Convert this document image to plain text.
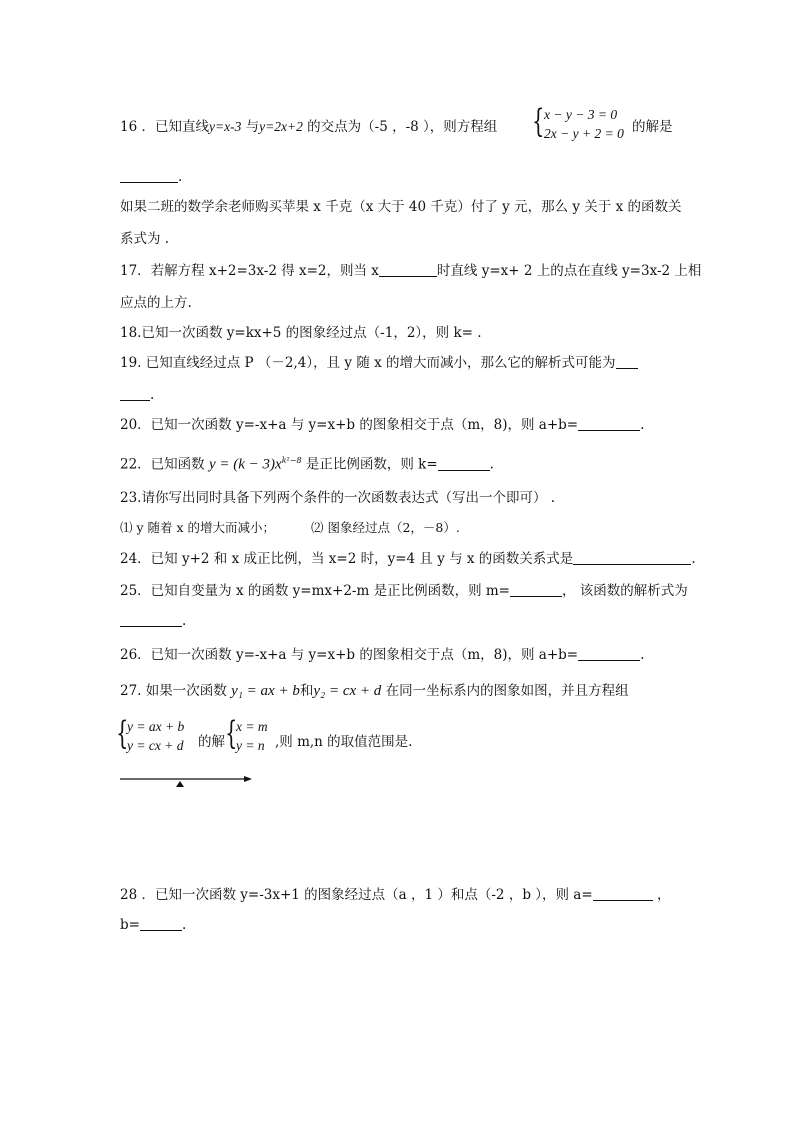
16 ．已知直线y=x-3 与y=2x+2 的交点为（-5 ，-8 ），则方程组 { x − y − 3 = 0
2x − y + 2 = 0 的解是
.
如果二班的数学余老师购买苹果 x 千克（x 大于 40 千克）付了 y 元，那么 y 关于 x 的函数关
系式为 .
17．若解方程 x+2=3x-2 得 x=2，则当 x	时直线 y=x+ 2 上的点在直线 y=3x-2 上相
应点的上方.
18.已知一次函数 y=kx+5 的图象经过点（-1，2），则 k= .
19. 已知直线经过点 P （－2,4），且 y 随 x 的增大而减小，那么它的解析式可能为
.
20．已知一次函数 y=-x+a 与 y=x+b 的图象相交于点（m，8)，则 a+b=	.
22．已知函数 $y = (k - 3)x^{k^2-8}$ 是正比例函数，则 k=	.
23.请你写出同时具备下列两个条件的一次函数表达式（写出一个即可） .
⑴ y 随着 x 的增大而减小；	⑵ 图象经过点（2，－8）.
24．已知 y+2 和 x 成正比例，当 x=2 时，y=4 且 y 与 x 的函数关系式是	.
25．已知自变量为 x 的函数 y=mx+2-m 是正比例函数，则 m=	， 该函数的解析式为
.
26．已知一次函数 y=-x+a 与 y=x+b 的图象相交于点（m，8)，则 a+b=	.
27. 如果一次函数 y₁ = ax + b和y₂ = cx + d 在同一坐标系内的图象如图，并且方程组
{
y = ax + b
y = cx + d 的解 {
x = m
y = n ,则 m,n 的取值范围是.
28 ．已知一次函数 y=-3x+1 的图象经过点（a ，1 ）和点（-2 ，b ），则 a=	，
b=	.
